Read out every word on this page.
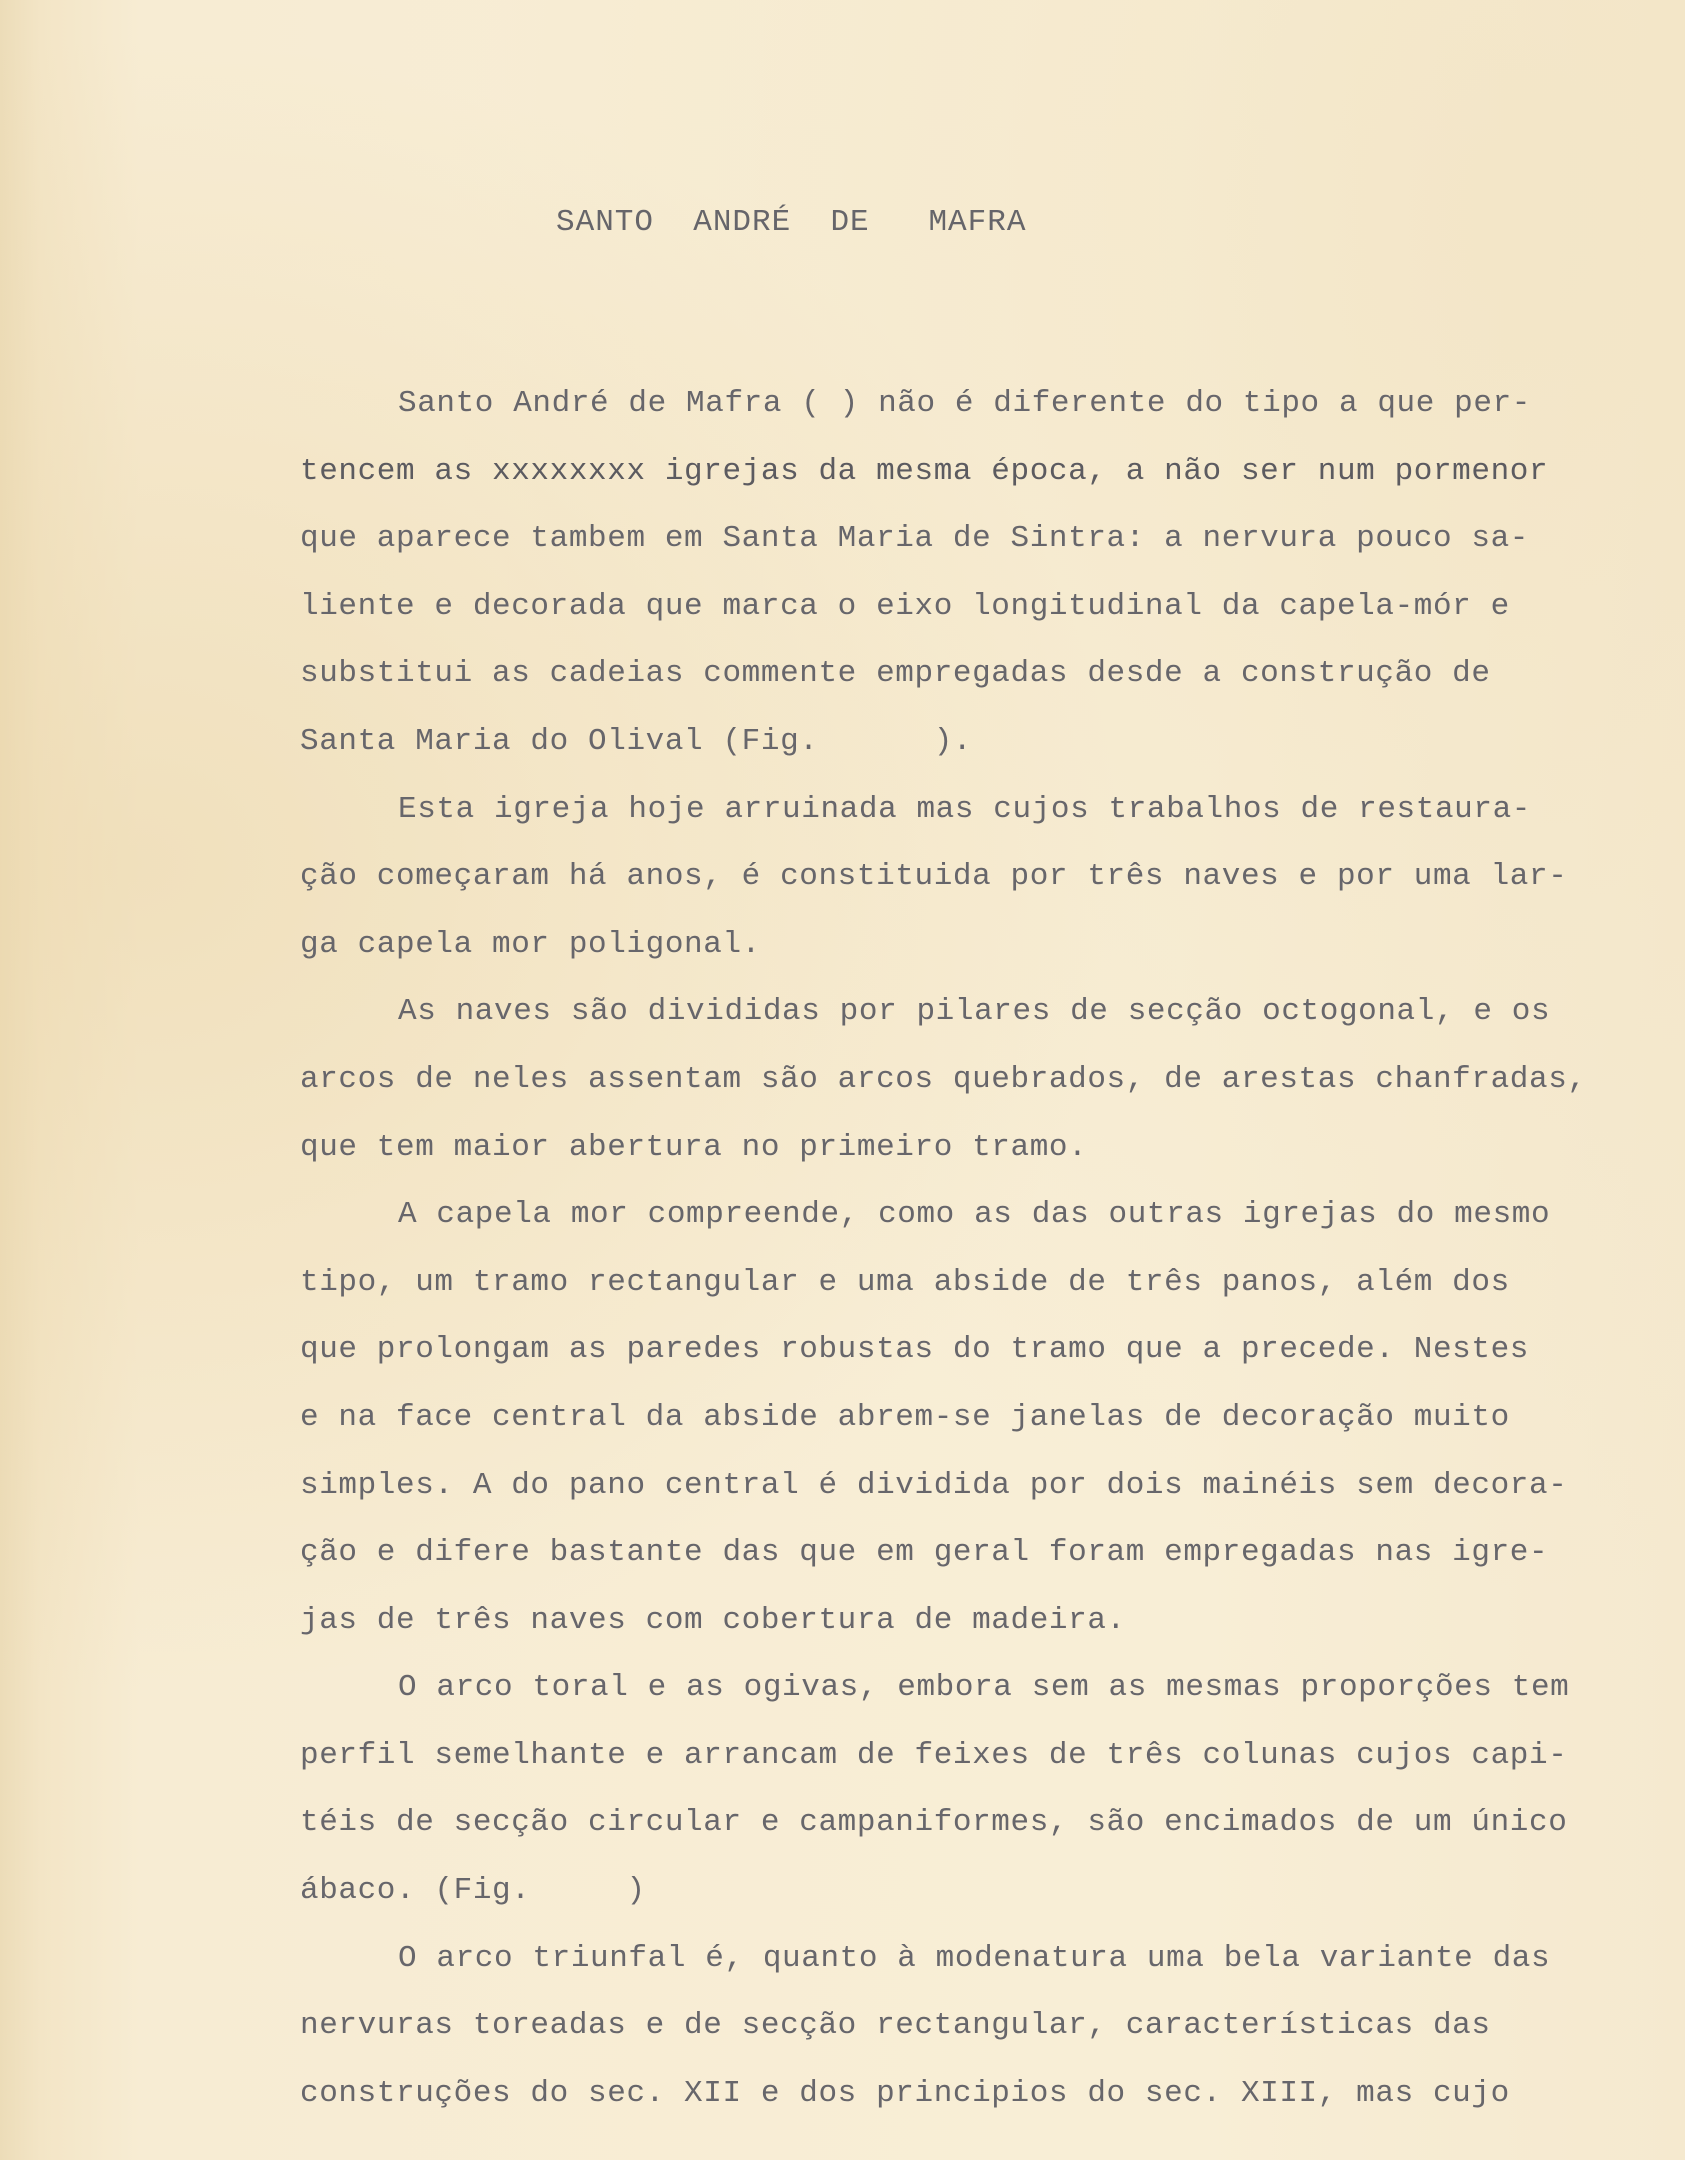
SANTO  ANDRÉ  DE   MAFRA
Santo André de Mafra ( ) não é diferente do tipo a que per-
tencem as xxxxxxxx igrejas da mesma época, a não ser num pormenor
que aparece tambem em Santa Maria de Sintra: a nervura pouco sa-
liente e decorada que marca o eixo longitudinal da capela-mór e
substitui as cadeias commente empregadas desde a construção de
Santa Maria do Olival (Fig.      ).
Esta igreja hoje arruinada mas cujos trabalhos de restaura-
ção começaram há anos, é constituida por três naves e por uma lar-
ga capela mor poligonal.
As naves são divididas por pilares de secção octogonal, e os
arcos de neles assentam são arcos quebrados, de arestas chanfradas,
que tem maior abertura no primeiro tramo.
A capela mor compreende, como as das outras igrejas do mesmo
tipo, um tramo rectangular e uma abside de três panos, além dos
que prolongam as paredes robustas do tramo que a precede. Nestes
e na face central da abside abrem-se janelas de decoração muito
simples. A do pano central é dividida por dois mainéis sem decora-
ção e difere bastante das que em geral foram empregadas nas igre-
jas de três naves com cobertura de madeira.
O arco toral e as ogivas, embora sem as mesmas proporções tem
perfil semelhante e arrancam de feixes de três colunas cujos capi-
téis de secção circular e campaniformes, são encimados de um único
ábaco. (Fig.     )
O arco triunfal é, quanto à modenatura uma bela variante das
nervuras toreadas e de secção rectangular, características das
construções do sec. XII e dos principios do sec. XIII, mas cujo
